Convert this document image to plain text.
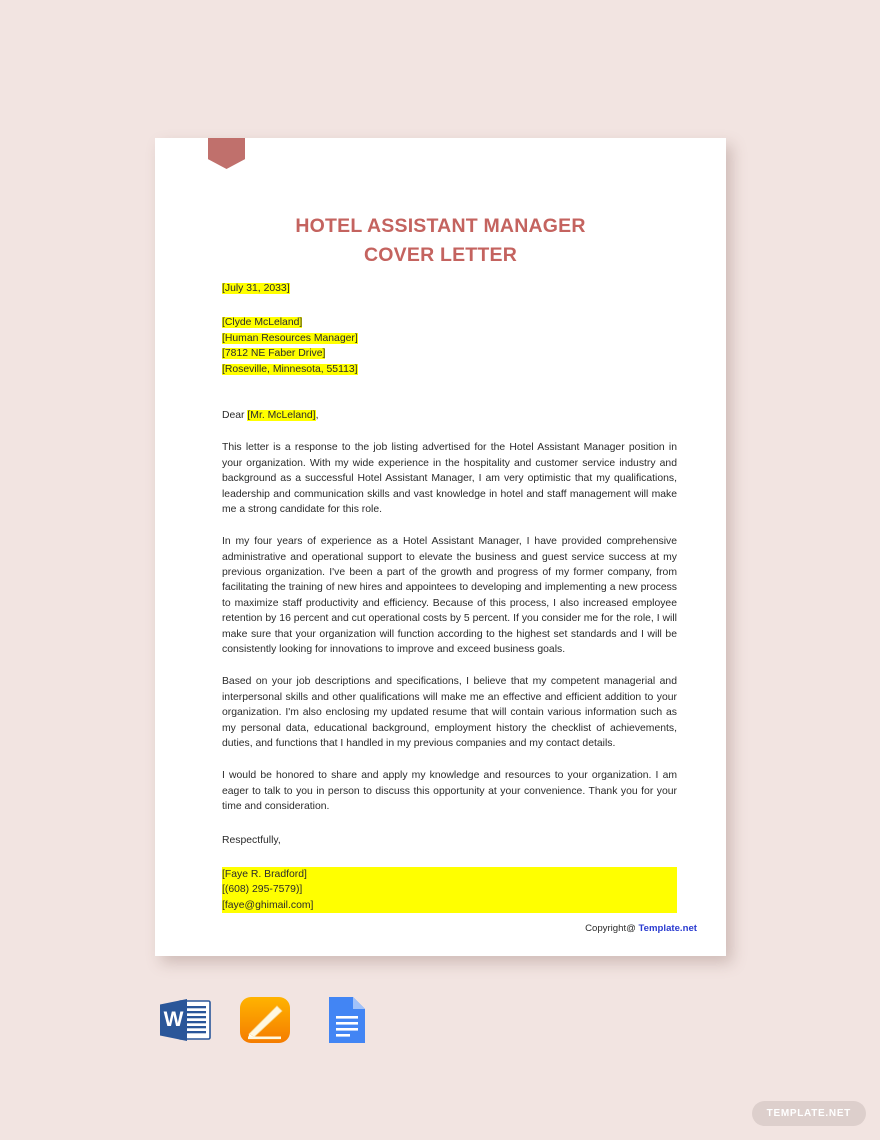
HOTEL ASSISTANT MANAGER
COVER LETTER
[July 31, 2033]
[Clyde McLeland]
[Human Resources Manager]
[7812 NE Faber Drive]
[Roseville, Minnesota, 55113]
Dear [Mr. McLeland],

This letter is a response to the job listing advertised for the Hotel Assistant Manager position in your organization. With my wide experience in the hospitality and customer service industry and background as a successful Hotel Assistant Manager, I am very optimistic that my qualifications, leadership and communication skills and vast knowledge in hotel and staff management will make me a strong candidate for this role.

In my four years of experience as a Hotel Assistant Manager, I have provided comprehensive administrative and operational support to elevate the business and guest service success at my previous organization. I've been a part of the growth and progress of my former company, from facilitating the training of new hires and appointees to developing and implementing a new process to maximize staff productivity and efficiency. Because of this process, I also increased employee retention by 16 percent and cut operational costs by 5 percent. If you consider me for the role, I will make sure that your organization will function according to the highest set standards and I will be consistently looking for innovations to improve and exceed business goals.

Based on your job descriptions and specifications, I believe that my competent managerial and interpersonal skills and other qualifications will make me an effective and efficient addition to your organization. I'm also enclosing my updated resume that will contain various information such as my personal data, educational background, employment history the checklist of achievements, duties, and functions that I handled in my previous companies and my contact details.

I would be honored to share and apply my knowledge and resources to your organization. I am eager to talk to you in person to discuss this opportunity at your convenience. Thank you for your time and consideration.

Respectfully,
[Faye R. Bradford]
[(608) 295-7579)]
[faye@ghimail.com]
Copyright@ Template.net
W
TEMPLATE.NET
